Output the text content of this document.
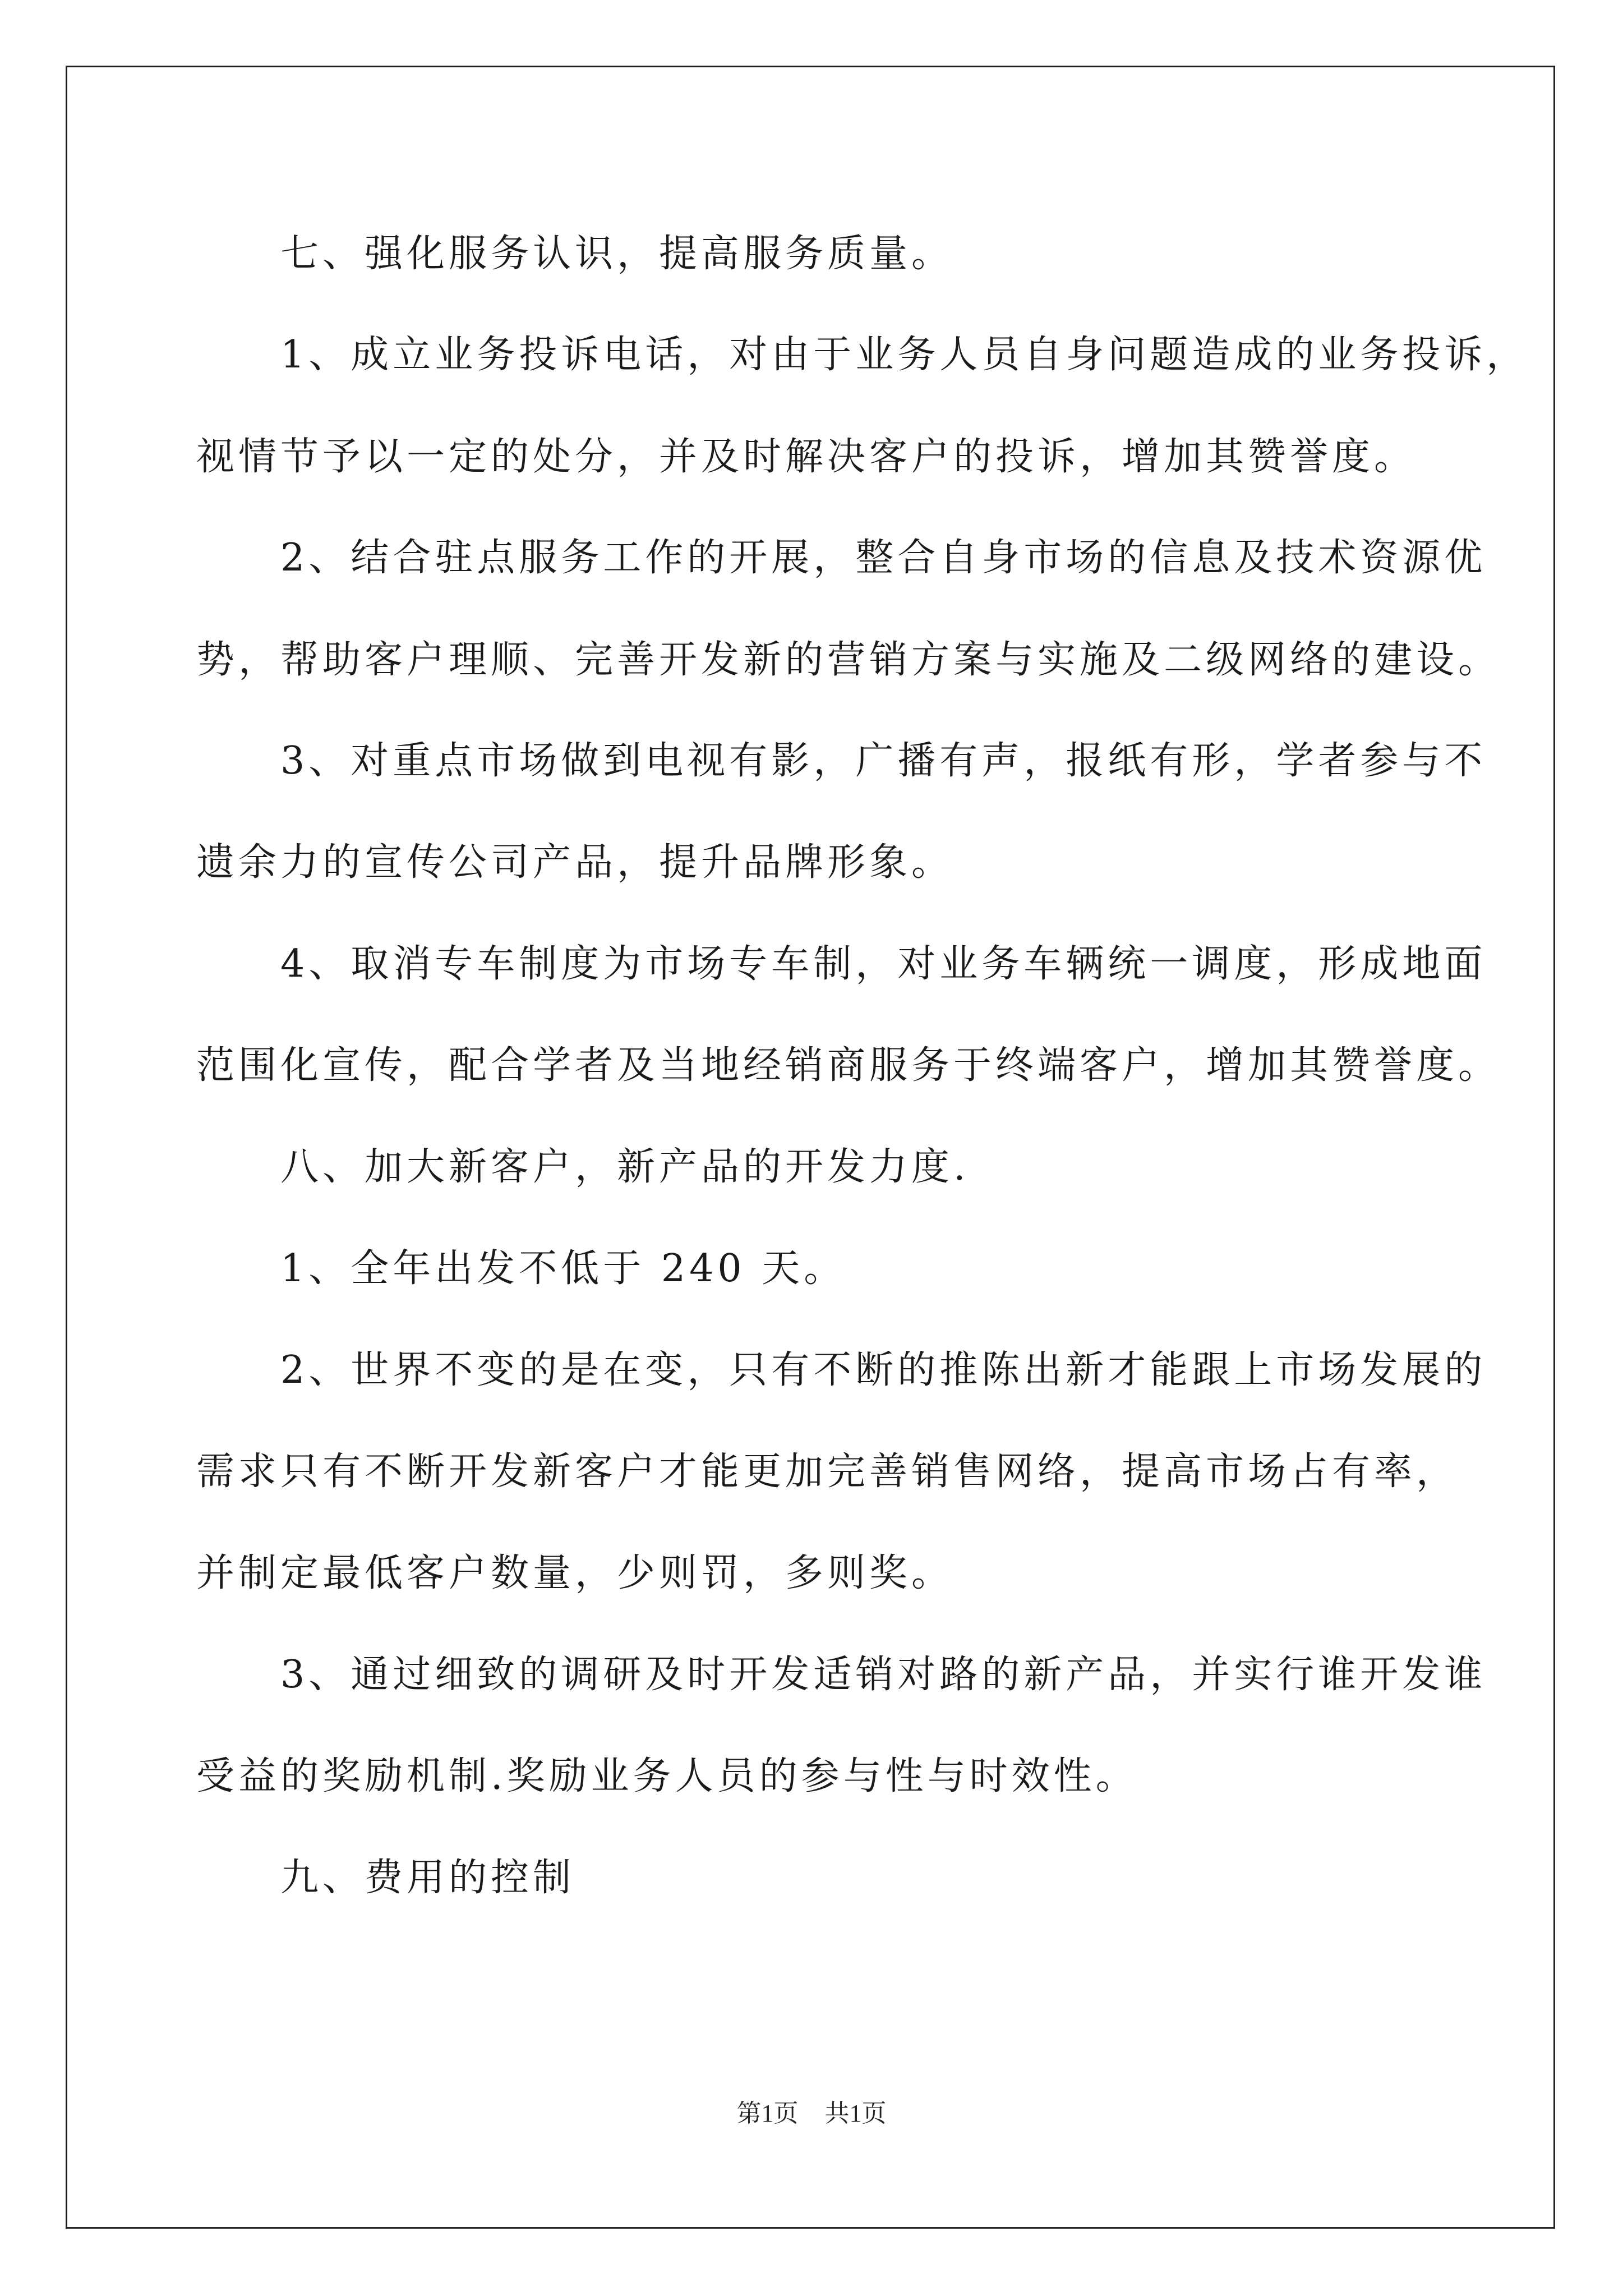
七、强化服务认识，提高服务质量。
1、成立业务投诉电话，对由于业务人员自身问题造成的业务投诉，
视情节予以一定的处分，并及时解决客户的投诉，增加其赞誉度。
2、结合驻点服务工作的开展，整合自身市场的信息及技术资源优
势，帮助客户理顺、完善开发新的营销方案与实施及二级网络的建设。
3、对重点市场做到电视有影，广播有声，报纸有形，学者参与不
遗余力的宣传公司产品，提升品牌形象。
4、取消专车制度为市场专车制，对业务车辆统一调度，形成地面
范围化宣传，配合学者及当地经销商服务于终端客户，增加其赞誉度。
八、加大新客户，新产品的开发力度.
1、全年出发不低于 240 天。
2、世界不变的是在变，只有不断的推陈出新才能跟上市场发展的
需求只有不断开发新客户才能更加完善销售网络，提高市场占有率，
并制定最低客户数量，少则罚，多则奖。
3、通过细致的调研及时开发适销对路的新产品，并实行谁开发谁
受益的奖励机制.奖励业务人员的参与性与时效性。
九、费用的控制
第1页 共1页
